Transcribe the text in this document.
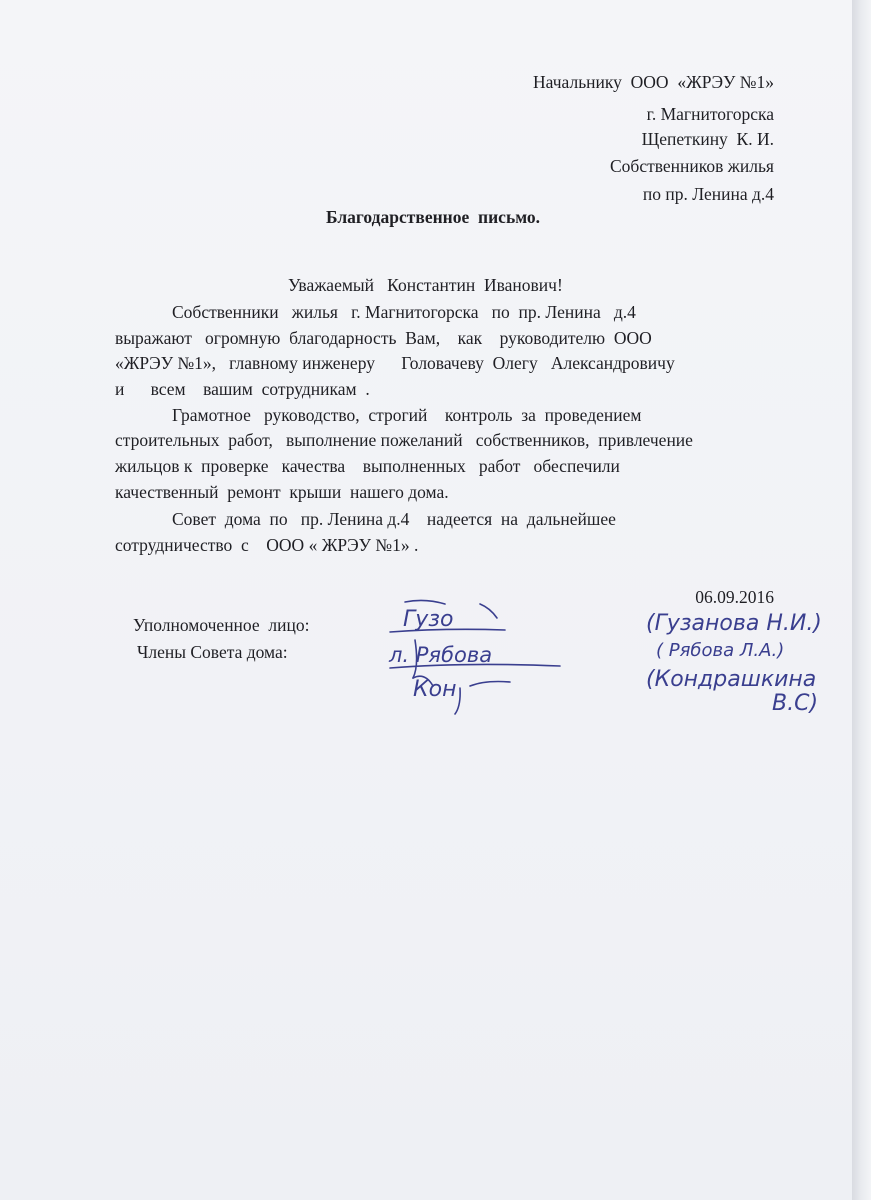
Начальнику  ООО  «ЖРЭУ №1»
г. Магнитогорска
Щепеткину  К. И.
Собственников жилья
по пр. Ленина д.4
Благодарственное  письмо.
Уважаемый   Константин  Иванович!
Собственники   жилья   г. Магнитогорска   по  пр. Ленина   д.4
выражают   огромную  благодарность  Вам,    как    руководителю  ООО
«ЖРЭУ №1»,   главному инженеру      Головачеву  Олегу   Александровичу
и      всем    вашим  сотрудникам  .
Грамотное   руководство,  строгий    контроль  за  проведением
строительных  работ,   выполнение пожеланий   собственников,  привлечение
жильцов к  проверке   качества    выполненных   работ   обеспечили
качественный  ремонт  крыши  нашего дома.
Совет  дома  по   пр. Ленина д.4    надеется  на  дальнейшее
сотрудничество  с    ООО « ЖРЭУ №1» .
06.09.2016
Уполномоченное  лицо:
Члены Совета дома:
Гузо
л. Рябова
Кон
(Гузанова Н.И.)
( Рябова Л.А.)
(Кондрашкина
В.С)
